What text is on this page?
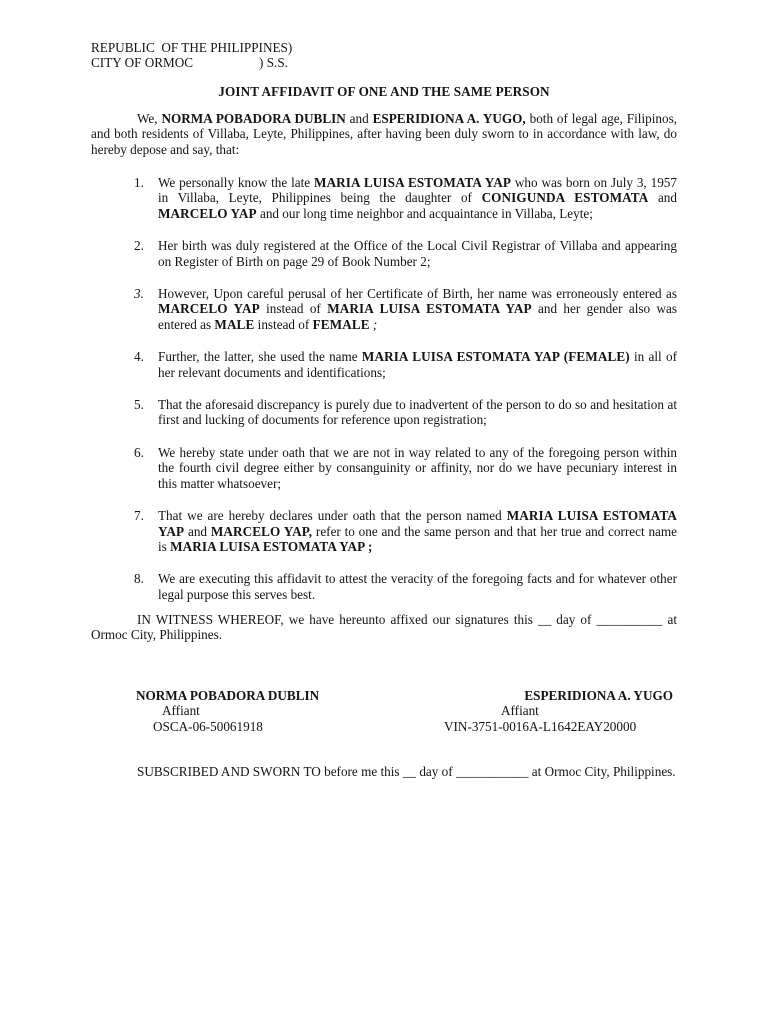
REPUBLIC  OF THE PHILIPPINES)
CITY OF ORMOC                    ) S.S.
JOINT AFFIDAVIT OF ONE AND THE SAME PERSON
We, NORMA POBADORA DUBLIN and ESPERIDIONA A. YUGO, both of legal age, Filipinos, and both residents of Villaba, Leyte, Philippines, after having been duly sworn to in accordance with law, do hereby depose and say, that:
1. We personally know the late MARIA LUISA ESTOMATA YAP who was born on July 3, 1957 in Villaba, Leyte, Philippines being the daughter of CONIGUNDA ESTOMATA and MARCELO YAP and our long time neighbor and acquaintance in Villaba, Leyte;
2. Her birth was duly registered at the Office of the Local Civil Registrar of Villaba and appearing on Register of Birth on page 29 of Book Number 2;
3. However, Upon careful perusal of her Certificate of Birth, her name was erroneously entered as MARCELO YAP instead of MARIA LUISA ESTOMATA YAP and her gender also was entered as MALE instead of FEMALE ;
4. Further, the latter, she used the name MARIA LUISA ESTOMATA YAP (FEMALE) in all of her relevant documents and identifications;
5. That the aforesaid discrepancy is purely due to inadvertent of the person to do so and hesitation at first and lucking of documents for reference upon registration;
6. We hereby state under oath that we are not in way related to any of the foregoing person within the fourth civil degree either by consanguinity or affinity, nor do we have pecuniary interest in this matter whatsoever;
7. That we are hereby declares under oath that the person named MARIA LUISA ESTOMATA YAP and MARCELO YAP, refer to one and the same person and that her true and correct name is MARIA LUISA ESTOMATA YAP ;
8. We are executing this affidavit to attest the veracity of the foregoing facts and for whatever other legal purpose this serves best.
IN WITNESS WHEREOF, we have hereunto affixed our signatures this __ day of __________ at Ormoc City, Philippines.
NORMA POBADORA DUBLIN
Affiant
OSCA-06-50061918
ESPERIDIONA A. YUGO
Affiant
VIN-3751-0016A-L1642EAY20000
SUBSCRIBED AND SWORN TO before me this __ day of ___________ at Ormoc City, Philippines.
